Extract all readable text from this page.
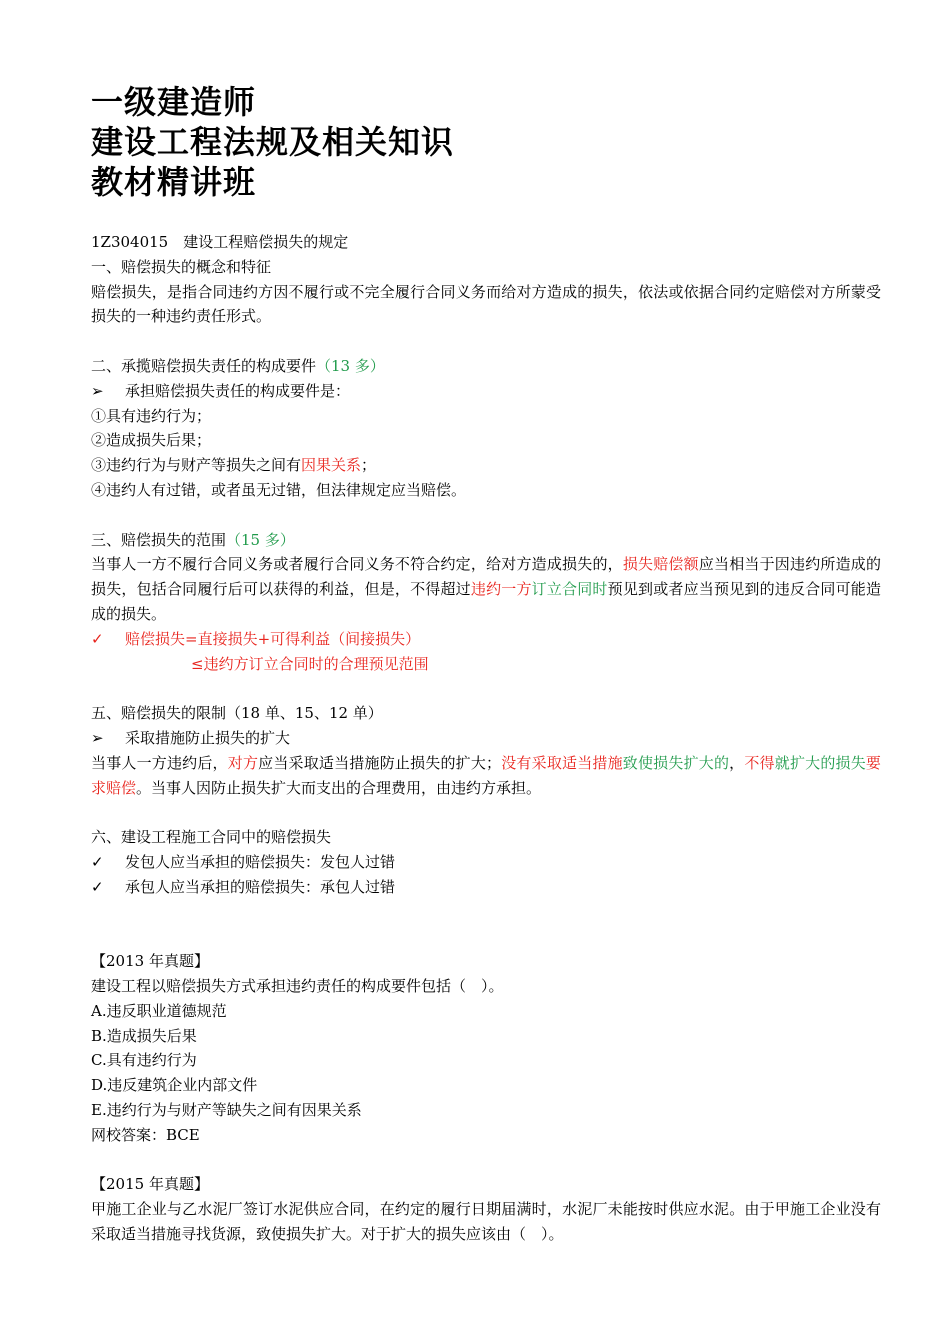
一级建造师
建设工程法规及相关知识
教材精讲班
1Z304015　建设工程赔偿损失的规定
一、赔偿损失的概念和特征
赔偿损失，是指合同违约方因不履行或不完全履行合同义务而给对方造成的损失，依法或依据合同约定赔偿对方所蒙受损失的一种违约责任形式。
二、承揽赔偿损失责任的构成要件（13 多）
➢ 承担赔偿损失责任的构成要件是：
①具有违约行为；
②造成损失后果；
③违约行为与财产等损失之间有因果关系；
④违约人有过错，或者虽无过错，但法律规定应当赔偿。
三、赔偿损失的范围（15 多）
当事人一方不履行合同义务或者履行合同义务不符合约定，给对方造成损失的，损失赔偿额应当相当于因违约所造成的损失，包括合同履行后可以获得的利益，但是，不得超过违约一方订立合同时预见到或者应当预见到的违反合同可能造成的损失。
✓ 赔偿损失=直接损失+可得利益（间接损失）
≤违约方订立合同时的合理预见范围
五、赔偿损失的限制（18 单、15、12 单）
➢ 采取措施防止损失的扩大
当事人一方违约后，对方应当采取适当措施防止损失的扩大；没有采取适当措施致使损失扩大的，不得就扩大的损失要求赔偿。当事人因防止损失扩大而支出的合理费用，由违约方承担。
六、建设工程施工合同中的赔偿损失
✓ 发包人应当承担的赔偿损失：发包人过错
✓ 承包人应当承担的赔偿损失：承包人过错
【2013 年真题】
建设工程以赔偿损失方式承担违约责任的构成要件包括（　）。
A.违反职业道德规范
B.造成损失后果
C.具有违约行为
D.违反建筑企业内部文件
E.违约行为与财产等缺失之间有因果关系
网校答案：BCE
【2015 年真题】
甲施工企业与乙水泥厂签订水泥供应合同，在约定的履行日期届满时，水泥厂未能按时供应水泥。由于甲施工企业没有采取适当措施寻找货源，致使损失扩大。对于扩大的损失应该由（　）。
